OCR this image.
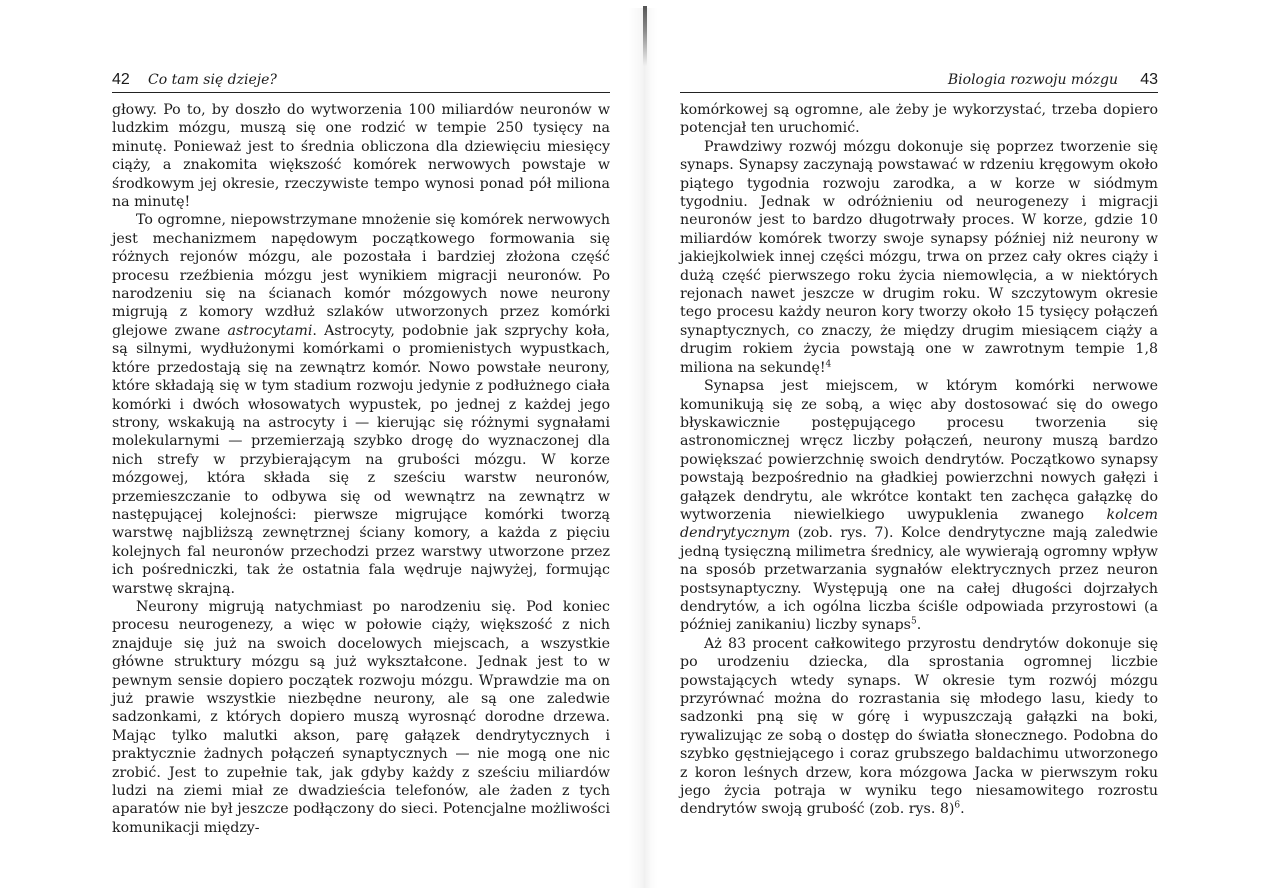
42 Co tam się dzieje?

głowy. Po to, by doszło do wytworzenia 100 miliardów neuronów w ludzkim mózgu, muszą się one rodzić w tempie 250 tysięcy na minutę. Ponieważ jest to średnia obliczona dla dziewięciu miesięcy ciąży, a znakomita większość komórek nerwowych powstaje w środkowym jej okresie, rzeczywiste tempo wynosi ponad pół miliona na minutę!

To ogromne, niepowstrzymane mnożenie się komórek nerwowych jest mechanizmem napędowym początkowego formowania się różnych rejonów mózgu, ale pozostała i bardziej złożona część procesu rzeźbienia mózgu jest wynikiem migracji neuronów. Po narodzeniu się na ścianach komór mózgowych nowe neurony migrują z komory wzdłuż szlaków utworzonych przez komórki glejowe zwane astrocytami. Astrocyty, podobnie jak szprychy koła, są silnymi, wydłużonymi komórkami o promienistych wypustkach, które przedostają się na zewnątrz komór. Nowo powstałe neurony, które składają się w tym stadium rozwoju jedynie z podłużnego ciała komórki i dwóch włosowatych wypustek, po jednej z każdej jego strony, wskakują na astrocyty i — kierując się różnymi sygnałami molekularnymi — przemierzają szybko drogę do wyznaczonej dla nich strefy w przybierającym na grubości mózgu. W korze mózgowej, która składa się z sześciu warstw neuronów, przemieszczanie to odbywa się od wewnątrz na zewnątrz w następującej kolejności: pierwsze migrujące komórki tworzą warstwę najbliższą zewnętrznej ściany komory, a każda z pięciu kolejnych fal neuronów przechodzi przez warstwy utworzone przez ich pośredniczki, tak że ostatnia fala wędruje najwyżej, formując warstwę skrajną.

Neurony migrują natychmiast po narodzeniu się. Pod koniec procesu neurogenezy, a więc w połowie ciąży, większość z nich znajduje się już na swoich docelowych miejscach, a wszystkie główne struktury mózgu są już wykształcone. Jednak jest to w pewnym sensie dopiero początek rozwoju mózgu. Wprawdzie ma on już prawie wszystkie niezbędne neurony, ale są one zaledwie sadzonkami, z których dopiero muszą wyrosnąć dorodne drzewa. Mając tylko malutki akson, parę gałązek dendrytycznych i praktycznie żadnych połączeń synaptycznych — nie mogą one nic zrobić. Jest to zupełnie tak, jak gdyby każdy z sześciu miliardów ludzi na ziemi miał ze dwadzieścia telefonów, ale żaden z tych aparatów nie był jeszcze podłączony do sieci. Potencjalne możliwości komunikacji między-

Biologia rozwoju mózgu 43

komórkowej są ogromne, ale żeby je wykorzystać, trzeba dopiero potencjał ten uruchomić.

Prawdziwy rozwój mózgu dokonuje się poprzez tworzenie się synaps. Synapsy zaczynają powstawać w rdzeniu kręgowym około piątego tygodnia rozwoju zarodka, a w korze w siódmym tygodniu. Jednak w odróżnieniu od neurogenezy i migracji neuronów jest to bardzo długotrwały proces. W korze, gdzie 10 miliardów komórek tworzy swoje synapsy później niż neurony w jakiejkolwiek innej części mózgu, trwa on przez cały okres ciąży i dużą część pierwszego roku życia niemowlęcia, a w niektórych rejonach nawet jeszcze w drugim roku. W szczytowym okresie tego procesu każdy neuron kory tworzy około 15 tysięcy połączeń synaptycznych, co znaczy, że między drugim miesiącem ciąży a drugim rokiem życia powstają one w zawrotnym tempie 1,8 miliona na sekundę!$^4$

Synapsa jest miejscem, w którym komórki nerwowe komunikują się ze sobą, a więc aby dostosować się do owego błyskawicznie postępującego procesu tworzenia się astronomicznej wręcz liczby połączeń, neurony muszą bardzo powiększać powierzchnię swoich dendrytów. Początkowo synapsy powstają bezpośrednio na gładkiej powierzchni nowych gałęzi i gałązek dendrytu, ale wkrótce kontakt ten zachęca gałązkę do wytworzenia niewielkiego uwypuklenia zwanego kolcem dendrytycznym (zob. rys. 7). Kolce dendrytyczne mają zaledwie jedną tysięczną milimetra średnicy, ale wywierają ogromny wpływ na sposób przetwarzania sygnałów elektrycznych przez neuron postsynaptyczny. Występują one na całej długości dojrzałych dendrytów, a ich ogólna liczba ściśle odpowiada przyrostowi (a później zanikaniu) liczby synaps$^5$.

Aż 83 procent całkowitego przyrostu dendrytów dokonuje się po urodzeniu dziecka, dla sprostania ogromnej liczbie powstających wtedy synaps. W okresie tym rozwój mózgu przyrównać można do rozrastania się młodego lasu, kiedy to sadzonki pną się w górę i wypuszczają gałązki na boki, rywalizując ze sobą o dostęp do światła słonecznego. Podobna do szybko gęstniejącego i coraz grubszego baldachimu utworzonego z koron leśnych drzew, kora mózgowa Jacka w pierwszym roku jego życia potrajа w wyniku tego niesamowitego rozrostu dendrytów swoją grubość (zob. rys. 8)$^6$.
